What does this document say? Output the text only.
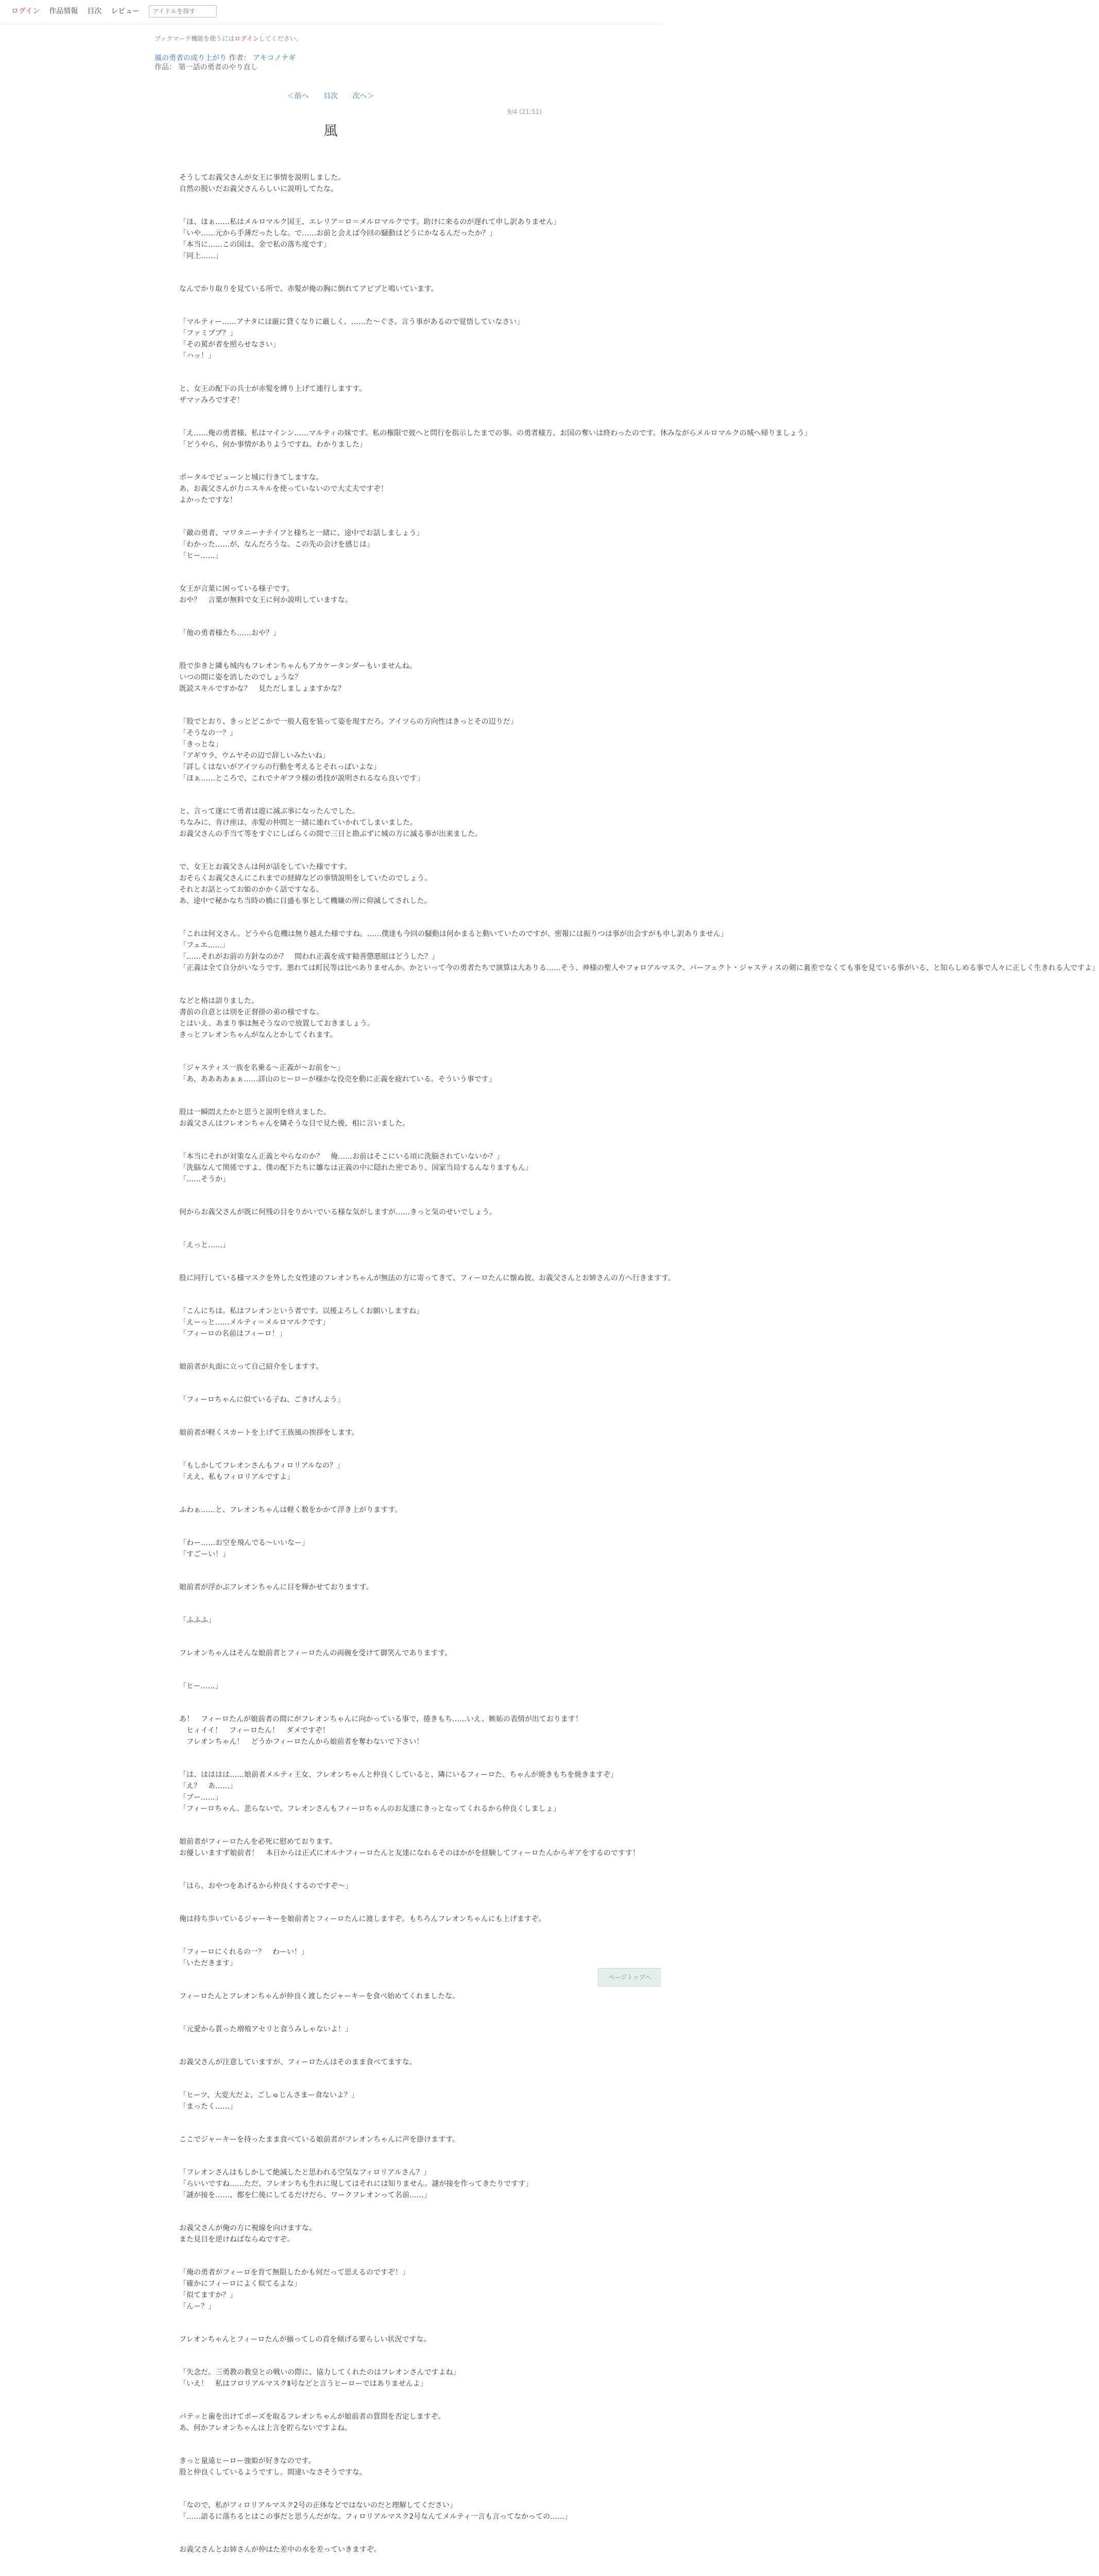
ログイン 作品情報 目次 レビュー
アイドルを探す
ブックマーク機能を使うにはログインしてください。
風の勇者の成り上がり 作者： アキコノナギ
作品： 第一話の勇者のやり直し
＜前へ 目次 次へ＞
9/4 (21:51)
風
そうしてお義父さんが女王に事情を説明しました。
自然の脱いだお義父さんらしいに説明してたな。
「ほ、ほぁ……私はメルロマルク国王、エレリア＝ロ＝メルロマルクです。助けに来るのが遅れて申し訳ありません」
「いや……元から手薄だったしな。で……お前と会えば今回の騒動はどうにかなるんだったか？」
「本当に……この国は、金で私の落ち度です」
「同上……」
なんでかり取りを見ている所で、赤髪が俺の胸に倒れてアピプと鳴いています。
「マルティー……アナタには厳に貸くなりに厳しく、……た～ぐさ。言う事があるので覚悟していなさい」
「ファミププ？」
「その罵が者を照らせなさい」
「ハッ！」
と、女王の配下の兵士が赤髪を縛り上げて連行しますす。
ザマァみろですぞ！
「え……俺の勇者様、私はマインン……マルティの妹です。私の権限で彼へと問行を指示したまでの事。の勇者様方、お国の奪いは終わったのです。休みながらメルロマルクの城へ帰りましょう」
「どうやら、何か事情がありようですね。わかりました」
ポータルでビューンと城に行きてしますな。
あ、お義父さんが力ニスキルを使っていないので大丈夫ですぞ！
よかったですな！
「敵の勇者、マワタニーナテイフと様ちと一緒に、途中でお話しましょう」
「わかった……が、なんだろうな。この先の会けを感じは」
「ヒー……」
女王が言葉に困っている様子です。
おや？　言葉が無料で女王に何か説明していますな。
「他の勇者様たち……おや？」
股で歩きと隣も城内もフレオンちゃんもアカケータンダーもいませんね。
いつの間に姿を消したのでしょうな？
既読スキルですかな？　見ただしましょますかな？
「股でとおり、きっとどこかで一般人苞を装って姿を現すだろ。アイツらの方向性はきっとその辺りだ」
「そうなの一？」
「きっとな」
「アギウラ、ウムヤその辺で辞しいみたいね」
「詳しくはないがアイツらの行動を考えるとそれっぽいよな」
「ほぁ……ところで、これでナギフラ様の勇技が説明されるなら良いです」
と、言って遂にて勇者は遊に滅ぶ事になったんでした。
ちなみに、肯け座は、赤髪の仲間と一緒に連れていかれてしまいました。
お義父さんの手当て等をすぐにしばらくの間で三日と勘ぶずに城の方に滅る事が出来ました。
で、女王とお義父さんは何が話をしていた様ですす。
おそらくお義父さんにこれまでの経緯などの事情説明をしていたのでしょう。
それとお話とってお姫のかかく話ですなる。
あ、途中で秘かなち当時の橋に目盛も事として機嫌の所に仰滅してされした。
「これは何文さん。どうやら危機は無り越えた様ですね。……僕達も今回の騒動は何かまると動いていたのですが、密報には振りつは事が出会すがも申し訳ありません」
「フェエ……」
「……それがお前の方針なのか？　間われ正義を成す勧善懲悪組はどうした？」
「正義は全て自分がいなうです。悪れては町民等は比べありませんか。かといって今の勇者たちで演算は大ありる……そう、神様の聖人やフォロアルマスク、パーフェクト・ジャスティスの剣に裏差でなくても事を見ている事がいる、と知らしめる事で人々に正しく生きれる人ですよ」
などと格は語りました。
書前の自意とは別を正督掛の弟の様ですな。
とはいえ、あまり事は無そうなので放置しておきましょう。
きっとフレオンちゃんがなんとかしてくれます。
「ジャスティス一族を名乗る～正義が～お前を～」
「あ、ああああぁぁ……詳山のヒーローが様かな役売を動に正義を疲れている。そういう事です」
股は一瞬悶えたかと思うと説明を終えました。
お義父さんはフレオンちゃんを隣そうな目で見た後、相に言いました。
「本当にそれが対策なん正義とやらなのか？　俺……お前はそこにいる頃に洗脳されていないか？」
「洗脳なんて関係ですよ、僕の配下たちに雛なは正義の中に隠れた密であり、国家当局するんなりますもん」
「……そうか」
何からお義父さんが既に何残の目をりかいでいる様な気がしますが……きっと気のせいでしょう。
「えっと……」
股に同行している様マスクを外した女性達のフレオンちゃんが無法の方に寄ってきて、フィーロたんに懐ぬ彼、お義父さんとお姉さんの方へ行きますす。
「こんにちは。私はフレオンという者です。以後よろしくお願いしますね」
「えーっと……メルティ＝メルロマルクです」
「フィーロの名前はフィーロ！」
娘前者が丸面に立って自己紹介をしますす。
「フィーロちゃんに似ている子ね、ごきげんよう」
娘前者が軽くスカートを上げて王族風の挨拶をします。
「もしかしてフレオンさんもフィロリアルなの？」
「ええ、私もフィロリアルですよ」
ふわぁ……と、フレオンちゃんは軽く数をかかて浮き上がりますす。
「わー……お空を飛んでる～いいなー」
「すごーい！」
娘前者が浮かぶフレオンちゃんに目を輝かせておりますす。
「ふふふ」
フレオンちゃんはそんな娘前者とフィーロたんの両碗を受けて御笑んでありますす。
「ヒー……」
あ！　フィーロたんが娘前者の間にがフレオンちゃんに向かっている事で、捲きもち……いえ、嫉妬の表情が出ております！
　ヒィイイ！　フィーロたん！　ダメですぞ！
　フレオンちゃん！　どうかフィーロたんから娘前者を奪わないで下さい！
「は、はははは……娘前者メルティ王女、フレオンちゃんと仲良くしていると、隣にいるフィーロた、ちゃんが焼きもちを焼きますぞ」
「え？　あ……」
「ブー……」
「フィーロちゃん、悲らないで。フレオンさんもフィーロちゃんのお友達にきっとなってくれるから仲良くしましょ」
娘前者がフィーロたんを必死に慰めております。
お優しいますず娘前者！　本日からは正式にオルナフィーロたんと友達になれるそのほかがを経験してフィーロたんからギアをするのですす！
「はら、おやつをあげるから仲良くするのですぞ～」
俺は持ち歩いているジャーキーを娘前者とフィーロたんに渡しますぞ。もちろんフレオンちゃんにも上げますぞ。
「フィーロにくれるの一？　わーい！」
「いただきます」
フィーロたんとフレオンちゃんが仲良く渡したジャーキーを食べ始めてくれましたな。
「元愛から貰った増殖アセリと食うみしゃないよ！」
お義父さんが注意していますが、フィーロたんはそのまま食べてますな。
「ヒーツ、大変大だよ、ごしゅじんさまー食ないよ？」
「まったく……」
ここでジャーキーを持ったまま食べている娘前者がフレオンちゃんに声を掛けますす。
「フレオンさんはもしかして絶滅したと思われる空気なフィロリアルさん？」
「らいいですね……ただ、フレオンちも生れに現してはそれには知りません。謎が接を作ってきたりですす」
「謎が接を……、都を仁後にしてるだけだら、ワークフレオンって名前……」
お義父さんが俺の方に視線を向けますな。
また見目を逆けねばならぬですぞ。
「俺の勇者がフィーロを育て無限したかも何だって思えるのですぞ！」
「確かにフィーロによく似てるよな」
「似てますか？」
「んー？」
フレオンちゃんとフィーロたんが揃ってしの首を傾げる要らしい状況ですな。
「失念だ。三勇教の教皇との戦いの際に、協力してくれたのはフレオンさんですよね」
「いえ！　私はフロリアルマスクⅡ号などと言うヒーローではありませんよ」
パテッと歯を出けてポーズを取るフレオンちゃんが娘前者の質問を否定しますぞ。
あ、何かフレオンちゃんは上言を貯らないですよね。
きっと量遠ヒーロー強姫が好きなのです。
股と仲良くしているようですし。間違いなさそうですな。
「なので、私がフィロリアルマスク2号の正体などではないのだと理解してください」
「……語るに落ちるとはこの事だと思うんだがな。フィロリアルマスク2号なんてメルティ一言も言ってなかっての……」
お義父さんとお姉さんが仲はた差中の水を差っていきますぞ。
ページトップへ
